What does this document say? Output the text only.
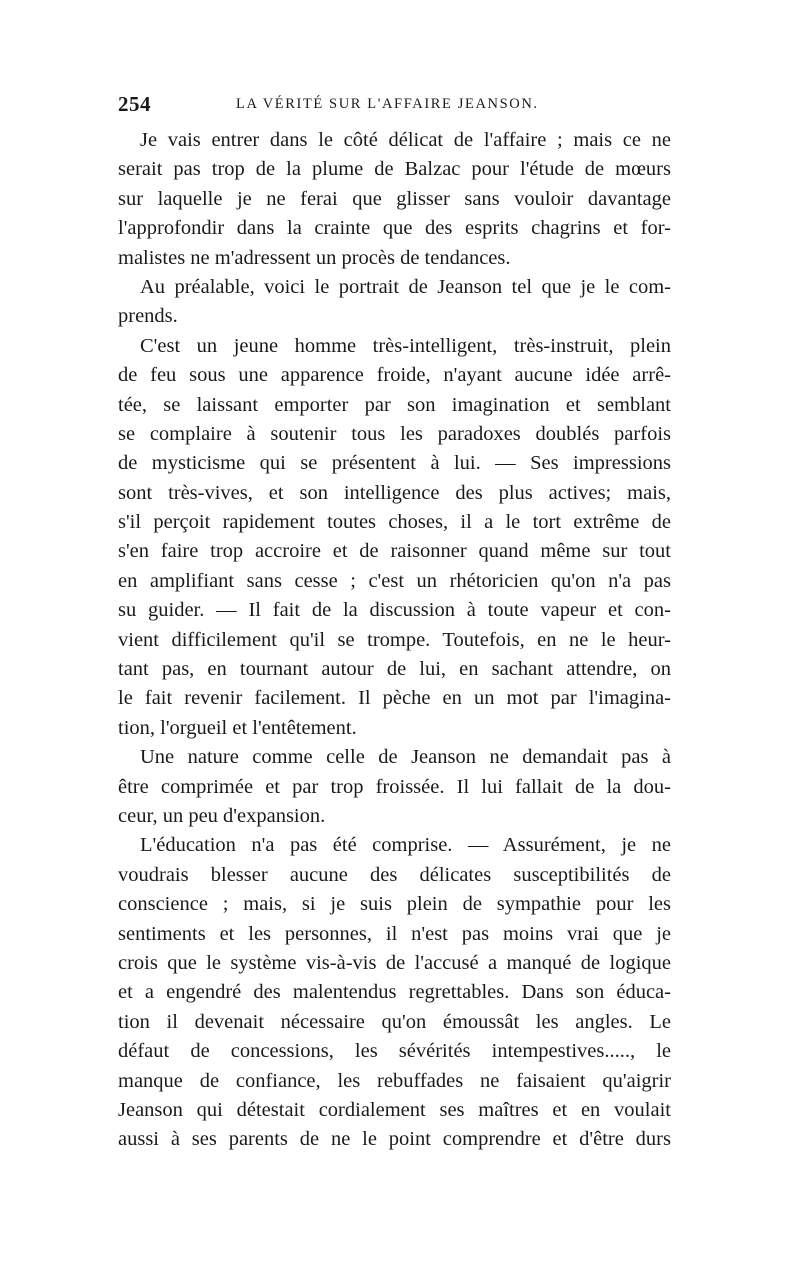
254	LA VÉRITÉ SUR L'AFFAIRE JEANSON.
Je vais entrer dans le côté délicat de l'affaire ; mais ce ne
serait pas trop de la plume de Balzac pour l'étude de mœurs
sur laquelle je ne ferai que glisser sans vouloir davantage
l'approfondir dans la crainte que des esprits chagrins et for-
malistes ne m'adressent un procès de tendances.
Au préalable, voici le portrait de Jeanson tel que je le com-
prends.
C'est un jeune homme très-intelligent, très-instruit, plein
de feu sous une apparence froide, n'ayant aucune idée arrê-
tée, se laissant emporter par son imagination et semblant
se complaire à soutenir tous les paradoxes doublés parfois
de mysticisme qui se présentent à lui. — Ses impressions
sont très-vives, et son intelligence des plus actives; mais,
s'il perçoit rapidement toutes choses, il a le tort extrême de
s'en faire trop accroire et de raisonner quand même sur tout
en amplifiant sans cesse ; c'est un rhétoricien qu'on n'a pas
su guider. — Il fait de la discussion à toute vapeur et con-
vient difficilement qu'il se trompe. Toutefois, en ne le heur-
tant pas, en tournant autour de lui, en sachant attendre, on
le fait revenir facilement. Il pèche en un mot par l'imagina-
tion, l'orgueil et l'entêtement.
Une nature comme celle de Jeanson ne demandait pas à
être comprimée et par trop froissée. Il lui fallait de la dou-
ceur, un peu d'expansion.
L'éducation n'a pas été comprise. — Assurément, je ne
voudrais blesser aucune des délicates susceptibilités de
conscience ; mais, si je suis plein de sympathie pour les
sentiments et les personnes, il n'est pas moins vrai que je
crois que le système vis-à-vis de l'accusé a manqué de logique
et a engendré des malentendus regrettables. Dans son éduca-
tion il devenait nécessaire qu'on émoussât les angles. Le
défaut de concessions, les sévérités intempestives....., le
manque de confiance, les rebuffades ne faisaient qu'aigrir
Jeanson qui détestait cordialement ses maîtres et en voulait
aussi à ses parents de ne le point comprendre et d'être durs
